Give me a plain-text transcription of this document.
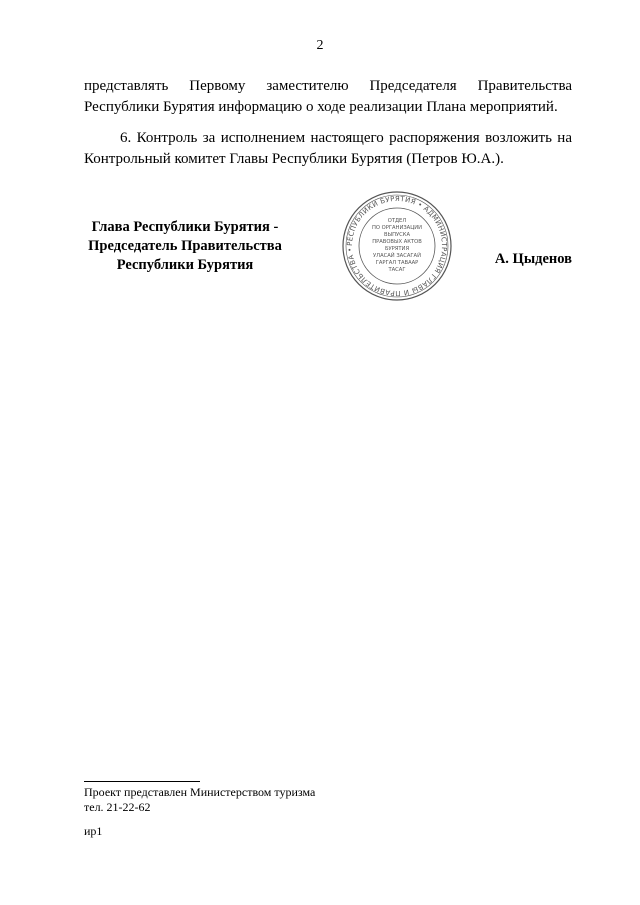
2
представлять Первому заместителю Председателя Правительства Республики Бурятия информацию о ходе реализации Плана мероприятий.
6. Контроль за исполнением настоящего распоряжения возложить на Контрольный комитет Главы Республики Бурятия (Петров Ю.А.).
Глава Республики Бурятия -
Председатель Правительства
Республики Бурятия
РЕСПУБЛИКИ БУРЯТИЯ • АДМИНИСТРАЦИЯ ГЛАВЫ И ПРАВИТЕЛЬСТВА •
ОТДЕЛ
ПО ОРГАНИЗАЦИИ
ВЫПУСКА
ПРАВОВЫХ АКТОВ
БУРЯТИЯ
УЛАСАЙ ЗАСАГАЙ
ГАРГАЛ ТАВААР
ТАСАГ
А. Цыденов
Проект представлен Министерством туризма
тел. 21-22-62
ир1
